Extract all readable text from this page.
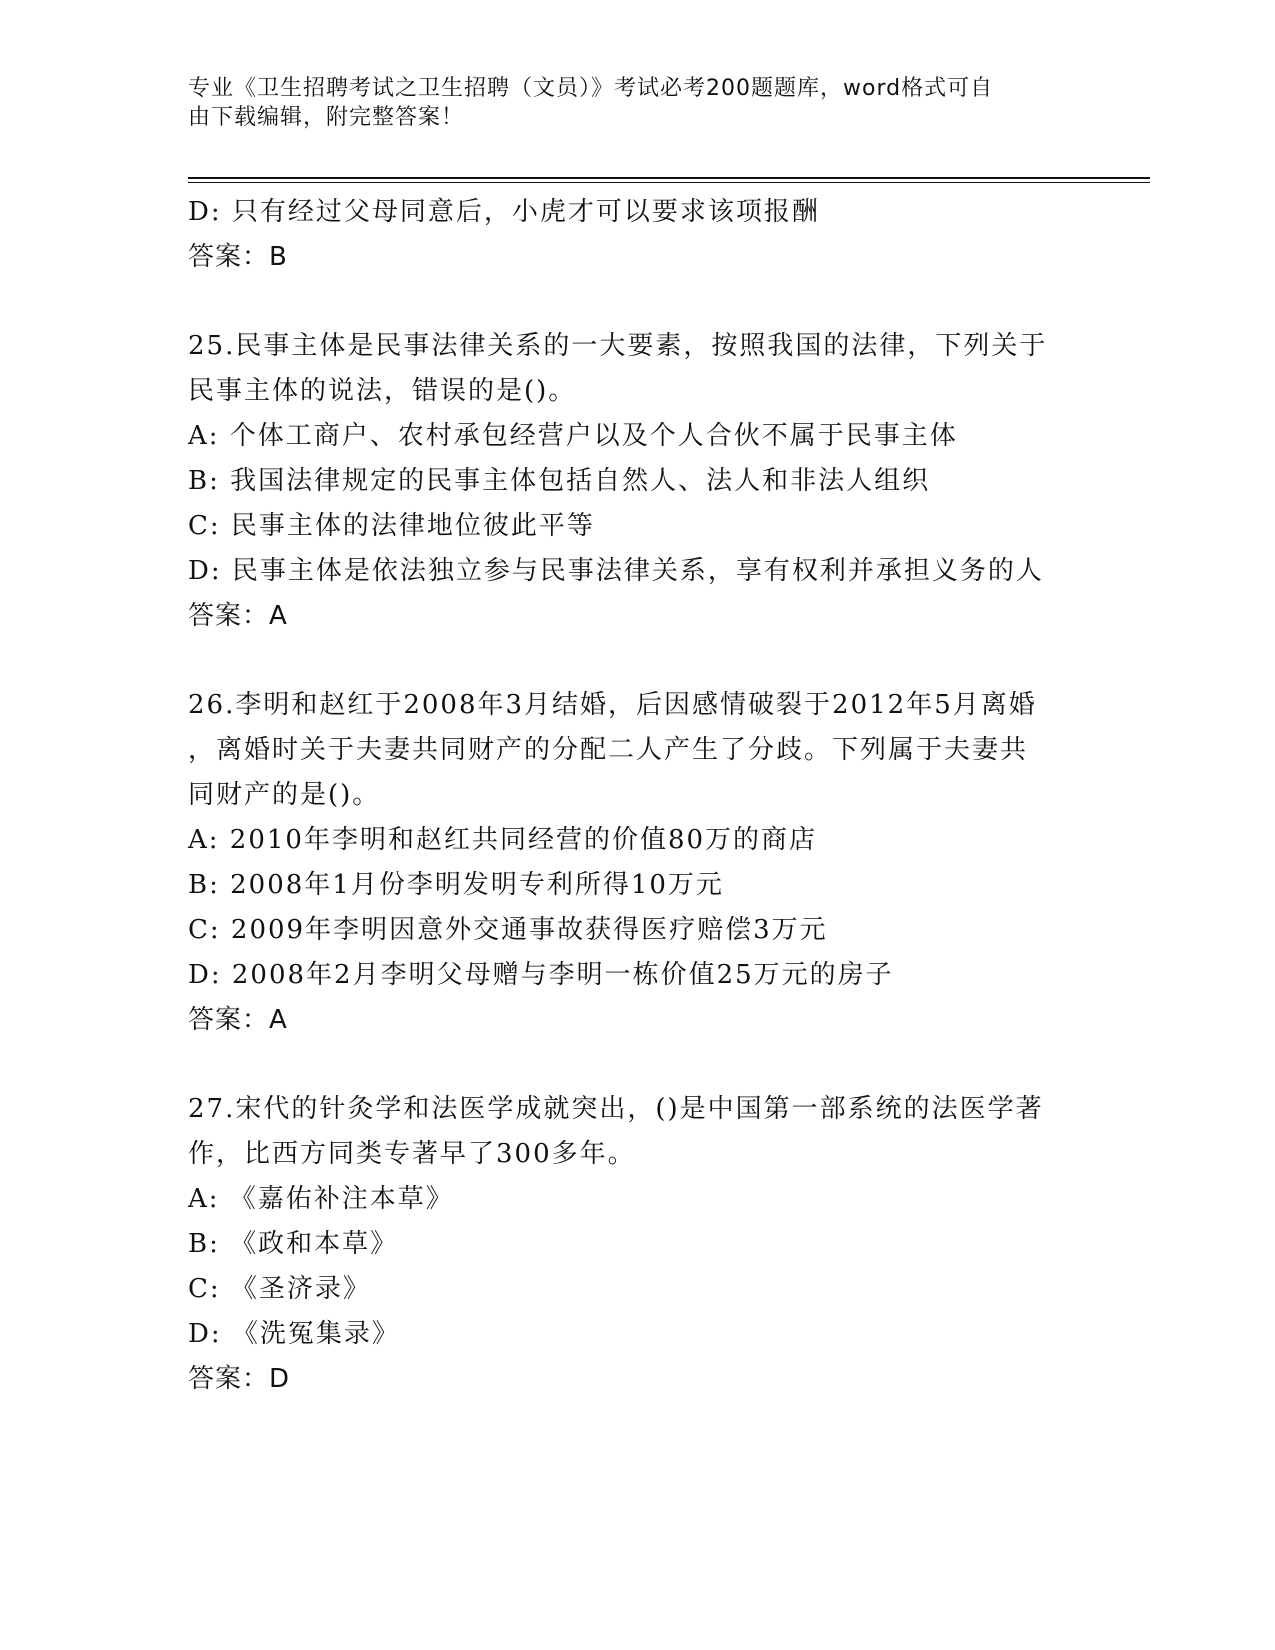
专业《卫生招聘考试之卫生招聘（文员）》考试必考200题题库，word格式可自
由下载编辑，附完整答案！
D: 只有经过父母同意后，小虎才可以要求该项报酬
答案：B
25.民事主体是民事法律关系的一大要素，按照我国的法律，下列关于
民事主体的说法，错误的是()。
A: 个体工商户、农村承包经营户以及个人合伙不属于民事主体
B: 我国法律规定的民事主体包括自然人、法人和非法人组织
C: 民事主体的法律地位彼此平等
D: 民事主体是依法独立参与民事法律关系，享有权利并承担义务的人
答案：A
26.李明和赵红于2008年3月结婚，后因感情破裂于2012年5月离婚
，离婚时关于夫妻共同财产的分配二人产生了分歧。下列属于夫妻共
同财产的是()。
A: 2010年李明和赵红共同经营的价值80万的商店
B: 2008年1月份李明发明专利所得10万元
C: 2009年李明因意外交通事故获得医疗赔偿3万元
D: 2008年2月李明父母赠与李明一栋价值25万元的房子
答案：A
27.宋代的针灸学和法医学成就突出，()是中国第一部系统的法医学著
作，比西方同类专著早了300多年。
A: 《嘉佑补注本草》
B: 《政和本草》
C: 《圣济录》
D: 《洗冤集录》
答案：D
